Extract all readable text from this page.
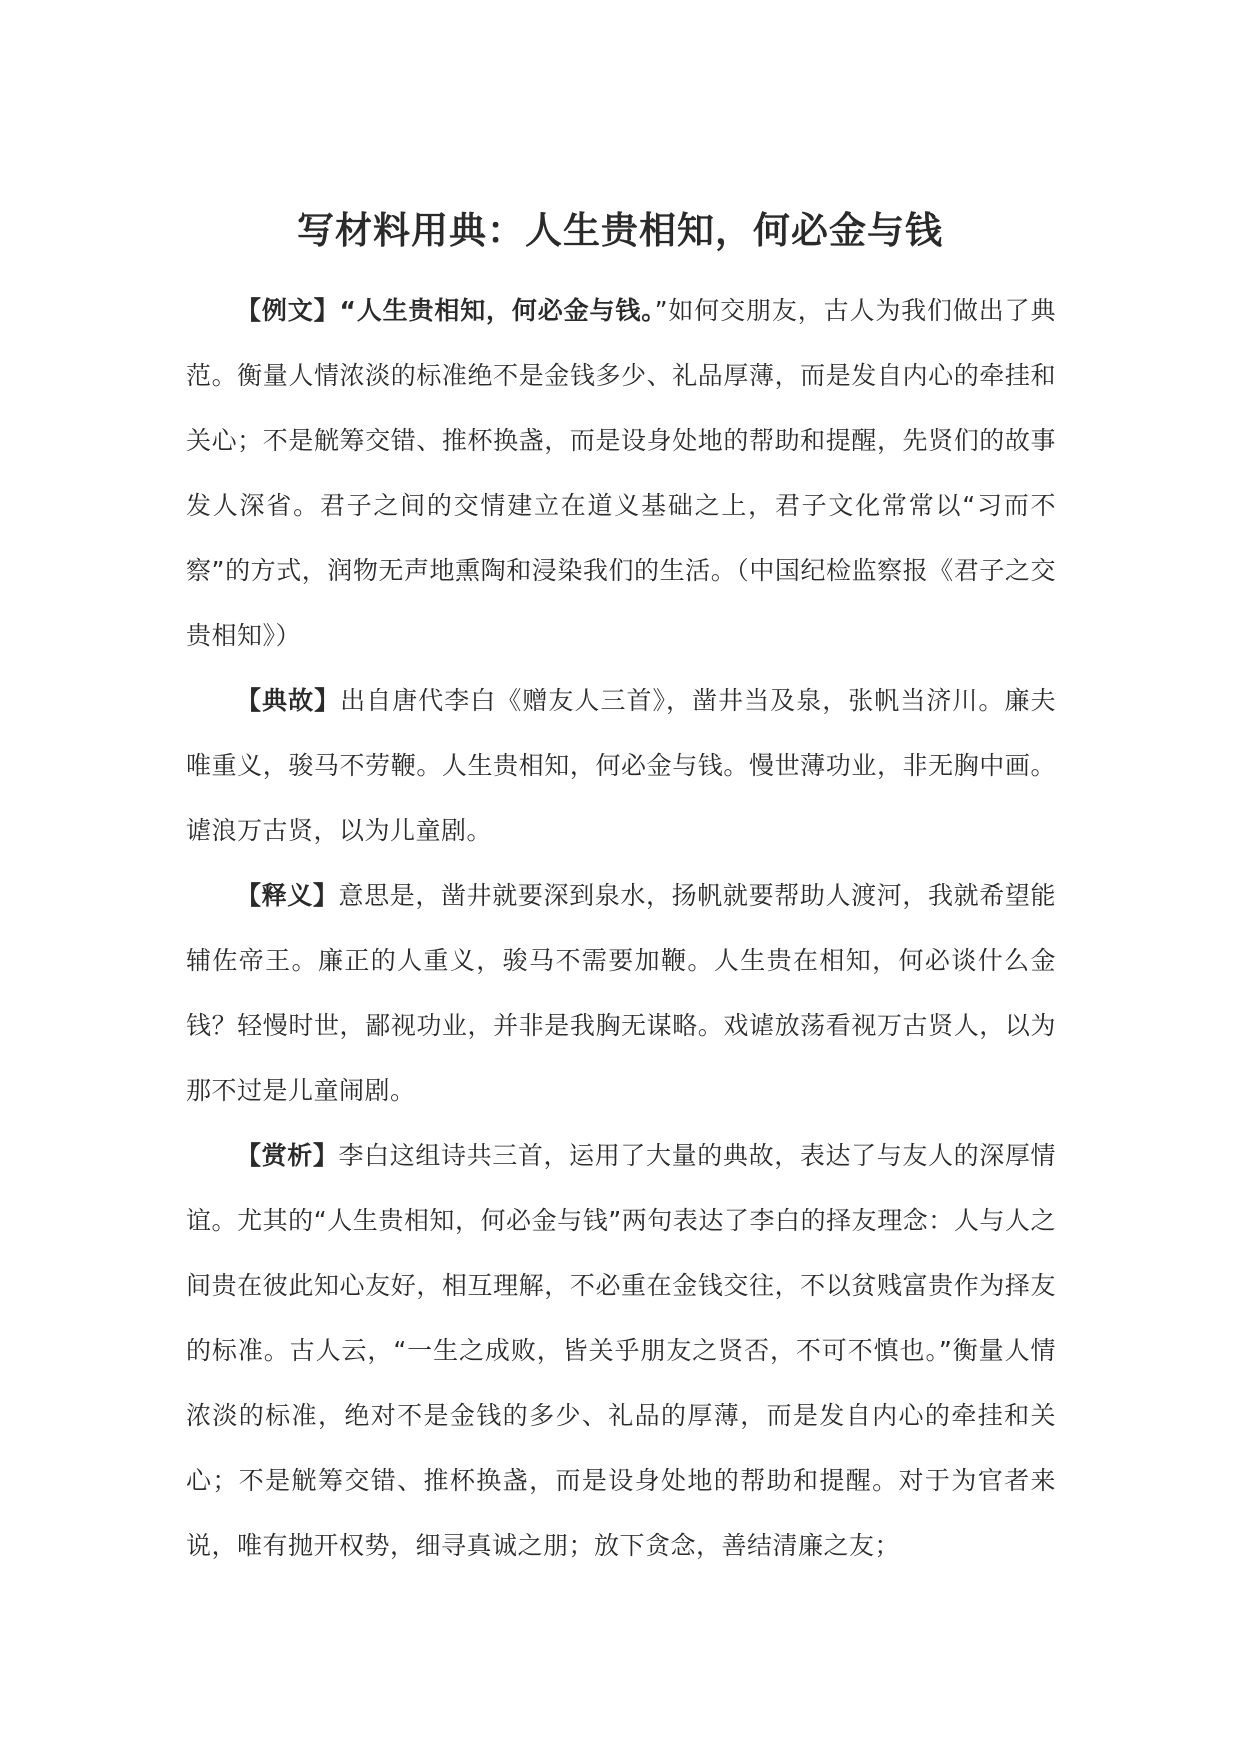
写材料用典：人生贵相知，何必金与钱

【例文】“人生贵相知，何必金与钱。”如何交朋友，古人为我们做出了典范。衡量人情浓淡的标准绝不是金钱多少、礼品厚薄，而是发自内心的牵挂和关心；不是觥筹交错、推杯换盏，而是设身处地的帮助和提醒，先贤们的故事发人深省。君子之间的交情建立在道义基础之上，君子文化常常以“习而不察”的方式，润物无声地熏陶和浸染我们的生活。（中国纪检监察报《君子之交贵相知》）

【典故】出自唐代李白《赠友人三首》，凿井当及泉，张帆当济川。廉夫唯重义，骏马不劳鞭。人生贵相知，何必金与钱。慢世薄功业，非无胸中画。谑浪万古贤，以为儿童剧。

【释义】意思是，凿井就要深到泉水，扬帆就要帮助人渡河，我就希望能辅佐帝王。廉正的人重义，骏马不需要加鞭。人生贵在相知，何必谈什么金钱？轻慢时世，鄙视功业，并非是我胸无谋略。戏谑放荡看视万古贤人，以为那不过是儿童闹剧。

【赏析】李白这组诗共三首，运用了大量的典故，表达了与友人的深厚情谊。尤其的“人生贵相知，何必金与钱”两句表达了李白的择友理念：人与人之间贵在彼此知心友好，相互理解，不必重在金钱交往，不以贫贱富贵作为择友的标准。古人云，“一生之成败，皆关乎朋友之贤否，不可不慎也。”衡量人情浓淡的标准，绝对不是金钱的多少、礼品的厚薄，而是发自内心的牵挂和关心；不是觥筹交错、推杯换盏，而是设身处地的帮助和提醒。对于为官者来说，唯有抛开权势，细寻真诚之朋；放下贪念，善结清廉之友；
